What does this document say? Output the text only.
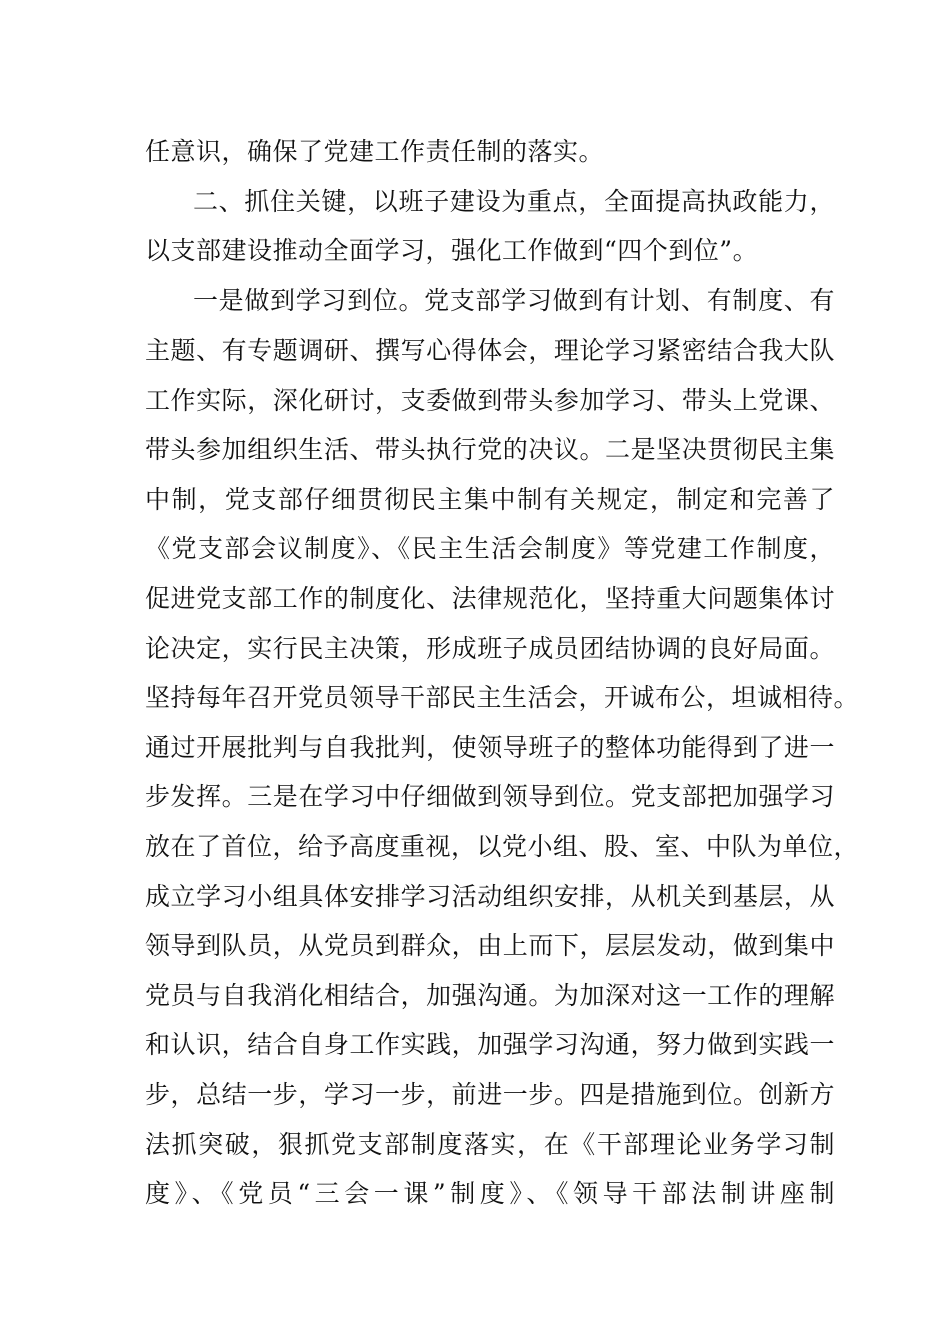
任意识，确保了党建工作责任制的落实。
二、抓住关键，以班子建设为重点，全面提高执政能力，
以支部建设推动全面学习，强化工作做到“四个到位”。
一是做到学习到位。党支部学习做到有计划、有制度、有
主题、有专题调研、撰写心得体会，理论学习紧密结合我大队
工作实际，深化研讨，支委做到带头参加学习、带头上党课、
带头参加组织生活、带头执行党的决议。二是坚决贯彻民主集
中制，党支部仔细贯彻民主集中制有关规定，制定和完善了
《党支部会议制度》、《民主生活会制度》等党建工作制度，
促进党支部工作的制度化、法律规范化，坚持重大问题集体讨
论决定，实行民主决策，形成班子成员团结协调的良好局面。
坚持每年召开党员领导干部民主生活会，开诚布公，坦诚相待。
通过开展批判与自我批判，使领导班子的整体功能得到了进一
步发挥。三是在学习中仔细做到领导到位。党支部把加强学习
放在了首位，给予高度重视，以党小组、股、室、中队为单位，
成立学习小组具体安排学习活动组织安排，从机关到基层，从
领导到队员，从党员到群众，由上而下，层层发动，做到集中
党员与自我消化相结合，加强沟通。为加深对这一工作的理解
和认识，结合自身工作实践，加强学习沟通，努力做到实践一
步，总结一步，学习一步，前进一步。四是措施到位。创新方
法抓突破，狠抓党支部制度落实，在《干部理论业务学习制
度》、《党员“三会一课”制度》、《领导干部法制讲座制
